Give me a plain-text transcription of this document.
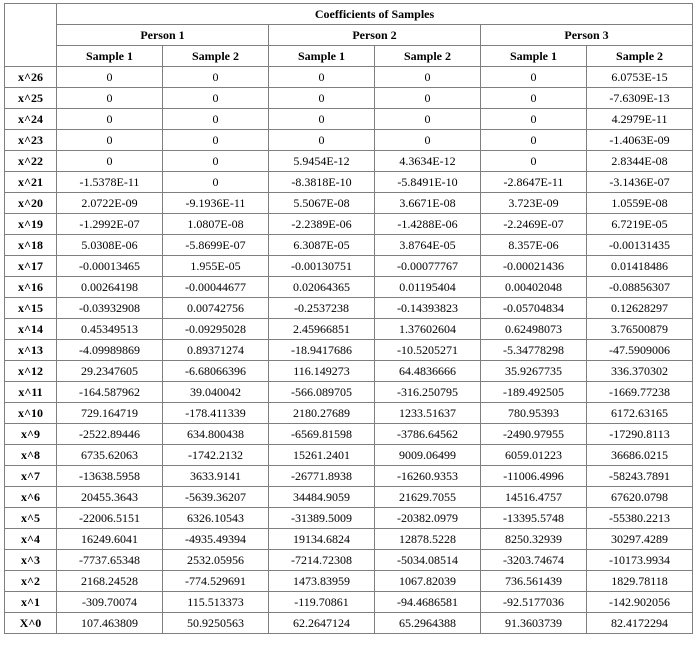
	Coefficients of Samples					
	Person 1		Person 2		Person 3	
	Sample 1	Sample 2	Sample 1	Sample 2	Sample 1	Sample 2
x^26	0	0	0	0	0	6.0753E-15
x^25	0	0	0	0	0	-7.6309E-13
x^24	0	0	0	0	0	4.2979E-11
x^23	0	0	0	0	0	-1.4063E-09
x^22	0	0	5.9454E-12	4.3634E-12	0	2.8344E-08
x^21	-1.5378E-11	0	-8.3818E-10	-5.8491E-10	-2.8647E-11	-3.1436E-07
x^20	2.0722E-09	-9.1936E-11	5.5067E-08	3.6671E-08	3.723E-09	1.0559E-08
x^19	-1.2992E-07	1.0807E-08	-2.2389E-06	-1.4288E-06	-2.2469E-07	6.7219E-05
x^18	5.0308E-06	-5.8699E-07	6.3087E-05	3.8764E-05	8.357E-06	-0.00131435
x^17	-0.00013465	1.955E-05	-0.00130751	-0.00077767	-0.00021436	0.01418486
x^16	0.00264198	-0.00044677	0.02064365	0.01195404	0.00402048	-0.08856307
x^15	-0.03932908	0.00742756	-0.2537238	-0.14393823	-0.05704834	0.12628297
x^14	0.45349513	-0.09295028	2.45966851	1.37602604	0.62498073	3.76500879
x^13	-4.09989869	0.89371274	-18.9417686	-10.5205271	-5.34778298	-47.5909006
x^12	29.2347605	-6.68066396	116.149273	64.4836666	35.9267735	336.370302
x^11	-164.587962	39.040042	-566.089705	-316.250795	-189.492505	-1669.77238
x^10	729.164719	-178.411339	2180.27689	1233.51637	780.95393	6172.63165
x^9	-2522.89446	634.800438	-6569.81598	-3786.64562	-2490.97955	-17290.8113
x^8	6735.62063	-1742.2132	15261.2401	9009.06499	6059.01223	36686.0215
x^7	-13638.5958	3633.9141	-26771.8938	-16260.9353	-11006.4996	-58243.7891
x^6	20455.3643	-5639.36207	34484.9059	21629.7055	14516.4757	67620.0798
x^5	-22006.5151	6326.10543	-31389.5009	-20382.0979	-13395.5748	-55380.2213
x^4	16249.6041	-4935.49394	19134.6824	12878.5228	8250.32939	30297.4289
x^3	-7737.65348	2532.05956	-7214.72308	-5034.08514	-3203.74674	-10173.9934
x^2	2168.24528	-774.529691	1473.83959	1067.82039	736.561439	1829.78118
x^1	-309.70074	115.513373	-119.70861	-94.4686581	-92.5177036	-142.902056
X^0	107.463809	50.9250563	62.2647124	65.2964388	91.3603739	82.4172294
